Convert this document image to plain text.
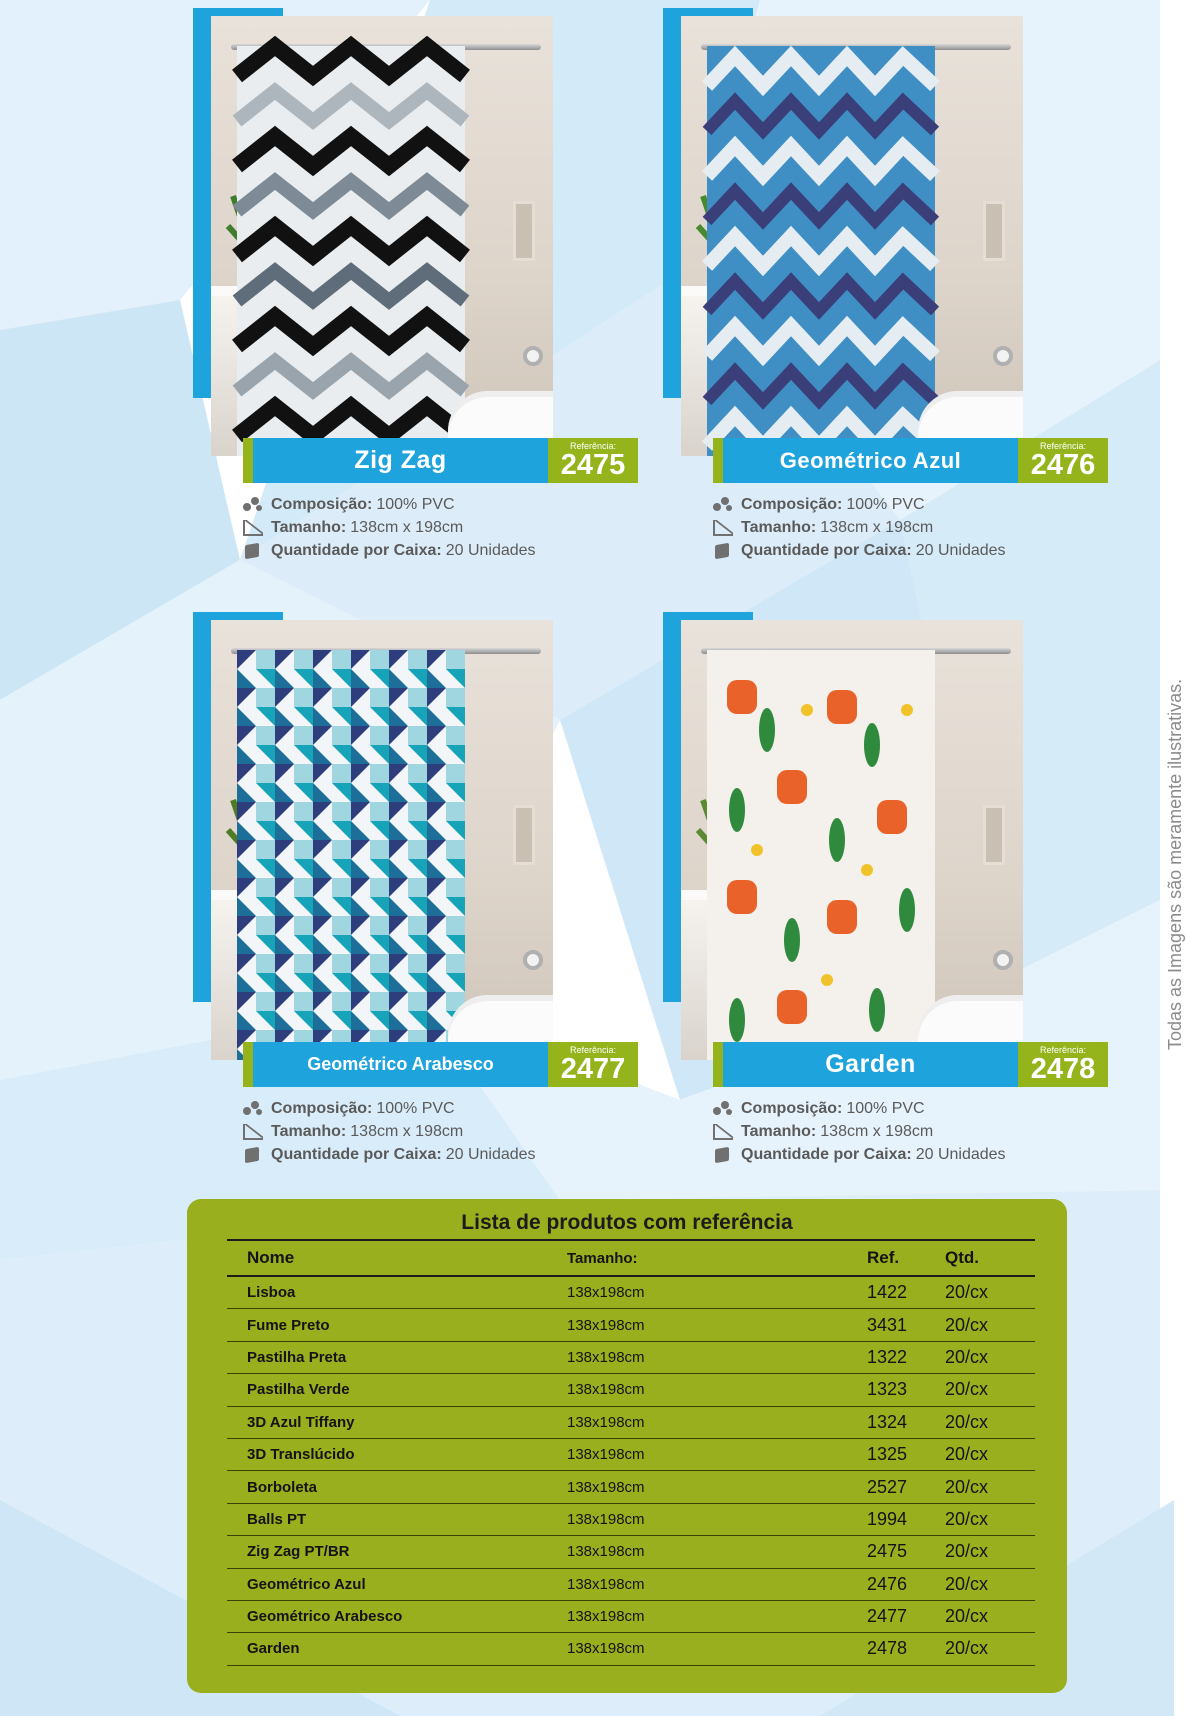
Zig Zag	Referência:
2475
Composição: 100% PVC
Tamanho: 138cm x 198cm
Quantidade por Caixa: 20 Unidades
Geométrico Azul
Referência:
2476
Composição: 100% PVC
Tamanho: 138cm x 198cm
Quantidade por Caixa: 20 Unidades
Geométrico Arabesco
Referência:
2477
Composição: 100% PVC
Tamanho: 138cm x 198cm
Quantidade por Caixa: 20 Unidades
Garden	Referência:
2478
Composição: 100% PVC
Tamanho: 138cm x 198cm
Quantidade por Caixa: 20 Unidades
Todas as Imagens são meramente ilustrativas.
Lista de produtos com referência
Nome	Tamanho:	Ref.	Qtd.
Lisboa	138x198cm	1422	20/cx
Fume Preto	138x198cm	3431	20/cx
Pastilha Preta	138x198cm	1322	20/cx
Pastilha Verde	138x198cm	1323	20/cx
3D Azul Tiffany	138x198cm	1324	20/cx
3D Translúcido	138x198cm	1325	20/cx
Borboleta	138x198cm	2527	20/cx
Balls PT	138x198cm	1994	20/cx
Zig Zag PT/BR	138x198cm	2475	20/cx
Geométrico Azul	138x198cm	2476	20/cx
Geométrico Arabesco	138x198cm	2477	20/cx
Garden	138x198cm	2478	20/cx
